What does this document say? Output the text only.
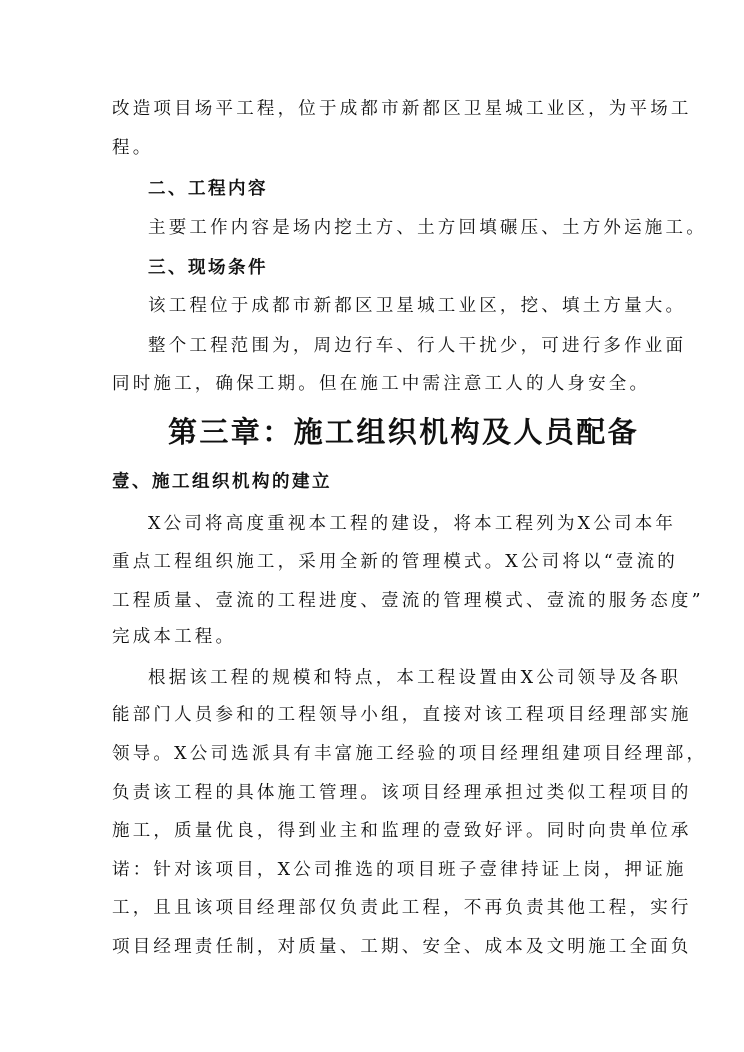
改造项目场平工程，位于成都市新都区卫星城工业区，为平场工
程。
二、工程内容
主要工作内容是场内挖土方、土方回填碾压、土方外运施工。
三、现场条件
该工程位于成都市新都区卫星城工业区，挖、填土方量大。
整个工程范围为，周边行车、行人干扰少，可进行多作业面
同时施工，确保工期。但在施工中需注意工人的人身安全。
第三章：施工组织机构及人员配备
壹、施工组织机构的建立
X公司将高度重视本工程的建设，将本工程列为X公司本年
重点工程组织施工，采用全新的管理模式。X公司将以“壹流的
工程质量、壹流的工程进度、壹流的管理模式、壹流的服务态度”
完成本工程。
根据该工程的规模和特点，本工程设置由X公司领导及各职
能部门人员参和的工程领导小组，直接对该工程项目经理部实施
领导。X公司选派具有丰富施工经验的项目经理组建项目经理部，
负责该工程的具体施工管理。该项目经理承担过类似工程项目的
施工，质量优良，得到业主和监理的壹致好评。同时向贵单位承
诺：针对该项目，X公司推选的项目班子壹律持证上岗，押证施
工，且且该项目经理部仅负责此工程，不再负责其他工程，实行
项目经理责任制，对质量、工期、安全、成本及文明施工全面负
